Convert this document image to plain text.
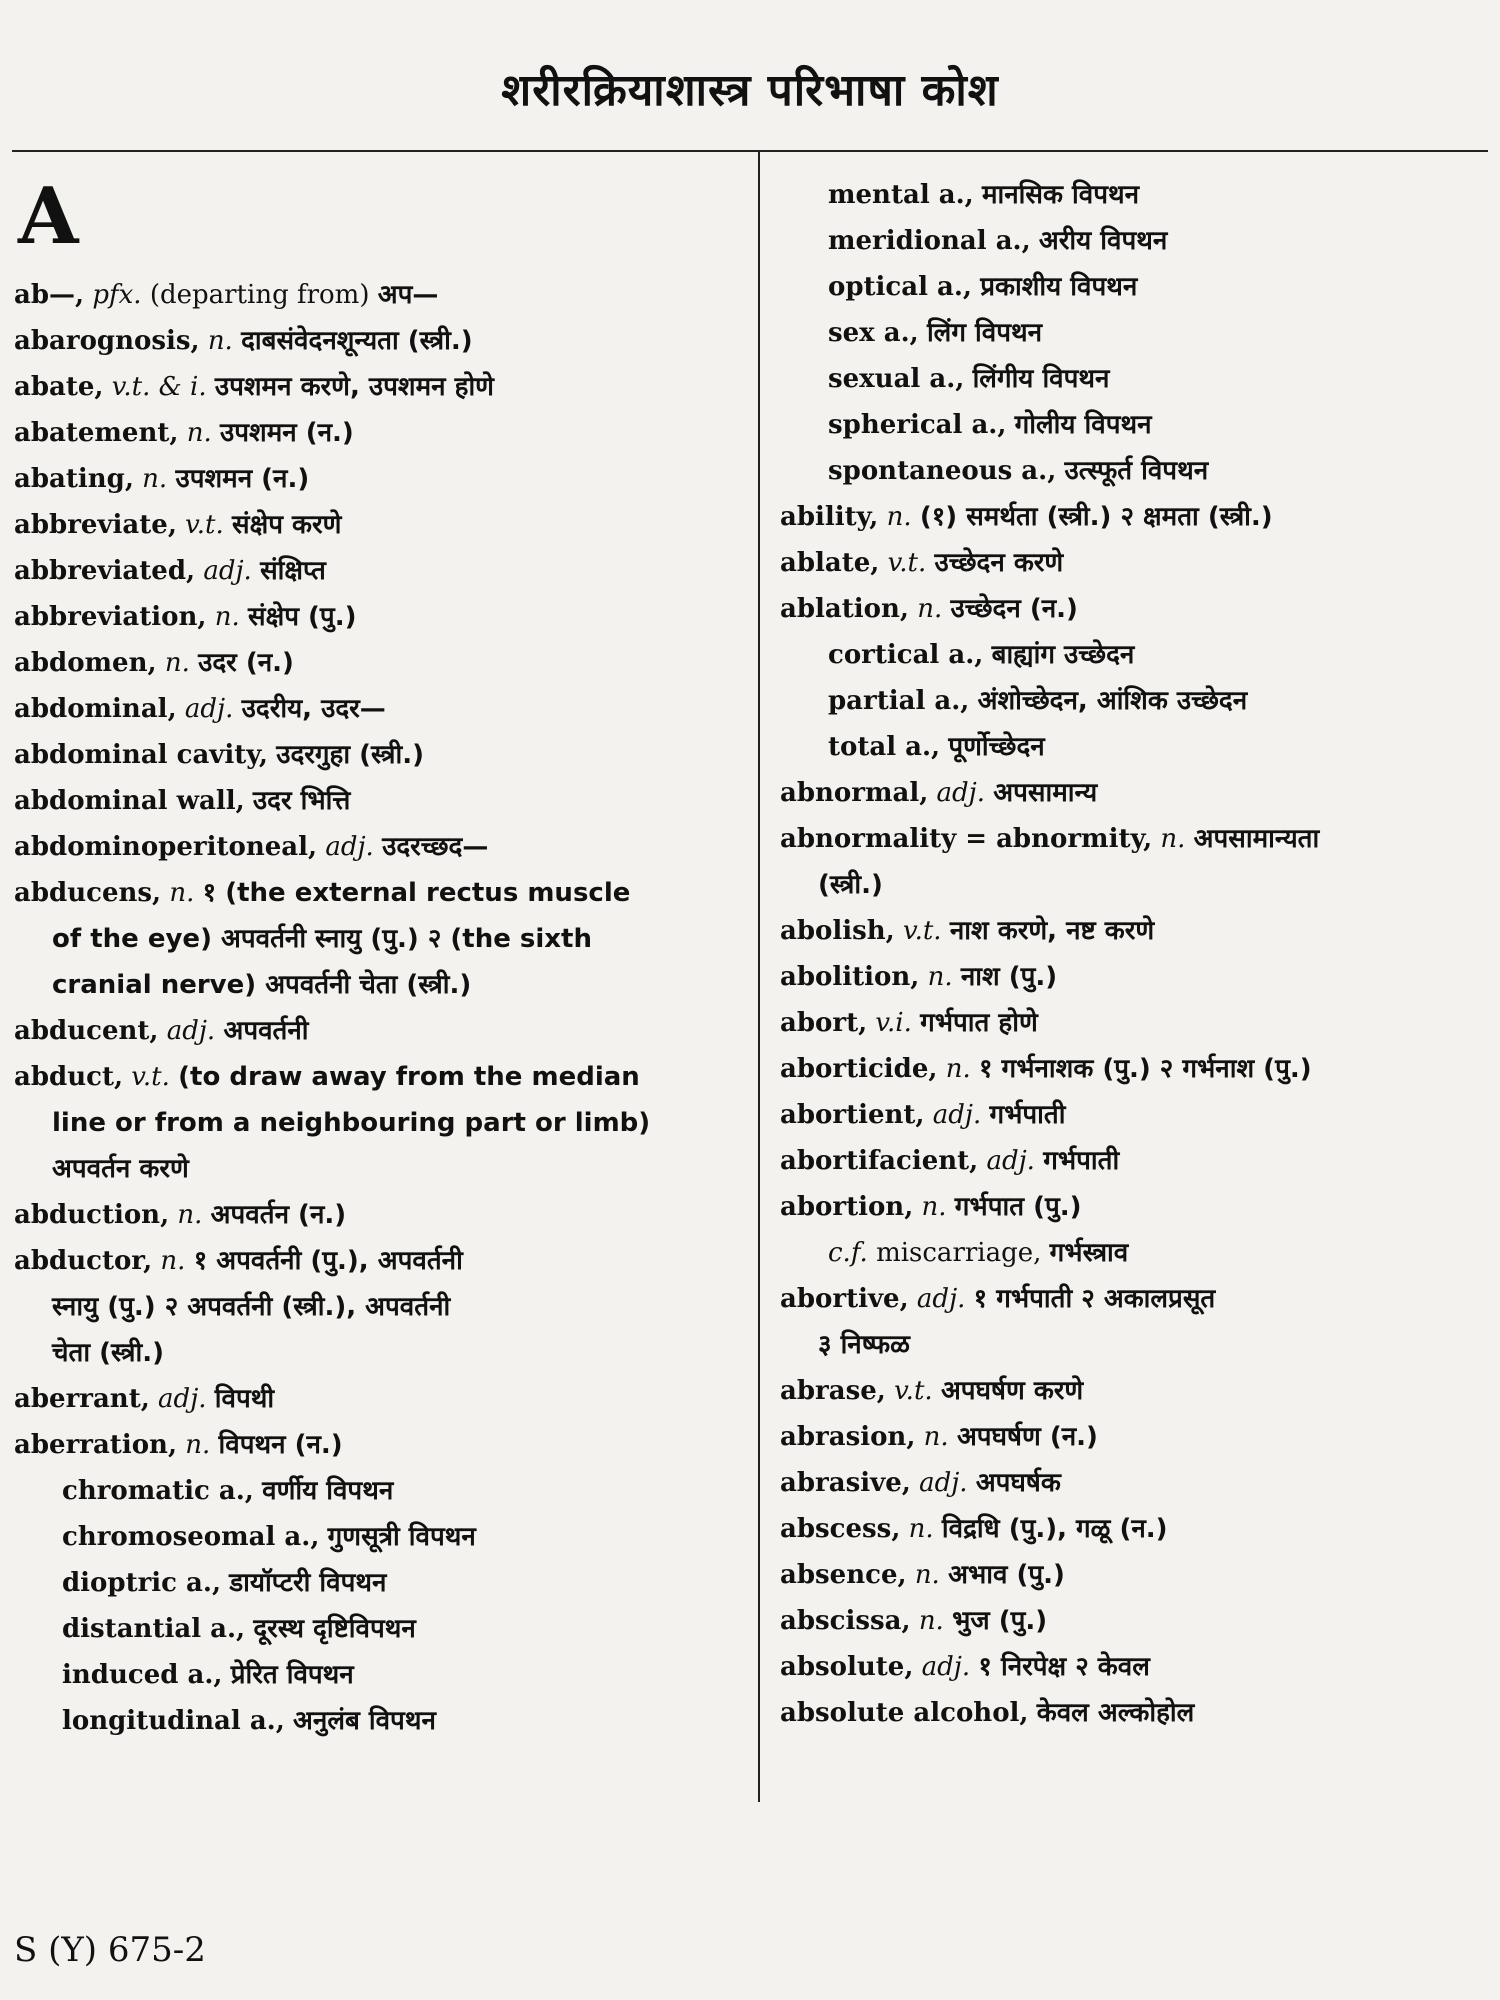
शरीरक्रियाशास्त्र परिभाषा कोश
A
ab—, pfx. (departing from) अप—
abarognosis, n. दाबसंवेदनशून्यता (स्त्री.)
abate, v.t. & i. उपशमन करणे, उपशमन होणे
abatement, n. उपशमन (न.)
abating, n. उपशमन (न.)
abbreviate, v.t. संक्षेप करणे
abbreviated, adj. संक्षिप्त
abbreviation, n. संक्षेप (पु.)
abdomen, n. उदर (न.)
abdominal, adj. उदरीय, उदर—
abdominal cavity, उदरगुहा (स्त्री.)
abdominal wall, उदर भित्ति
abdominoperitoneal, adj. उदरच्छद—
abducens, n. १ (the external rectus muscle
of the eye) अपवर्तनी स्नायु (पु.) २ (the sixth
cranial nerve) अपवर्तनी चेता (स्त्री.)
abducent, adj. अपवर्तनी
abduct, v.t. (to draw away from the median
line or from a neighbouring part or limb)
अपवर्तन करणे
abduction, n. अपवर्तन (न.)
abductor, n. १ अपवर्तनी (पु.), अपवर्तनी
स्नायु (पु.) २ अपवर्तनी (स्त्री.), अपवर्तनी
चेता (स्त्री.)
aberrant, adj. विपथी
aberration, n. विपथन (न.)
chromatic a., वर्णीय विपथन
chromoseomal a., गुणसूत्री विपथन
dioptric a., डायॉप्टरी विपथन
distantial a., दूरस्थ दृष्टिविपथन
induced a., प्रेरित विपथन
longitudinal a., अनुलंब विपथन
mental a., मानसिक विपथन
meridional a., अरीय विपथन
optical a., प्रकाशीय विपथन
sex a., लिंग विपथन
sexual a., लिंगीय विपथन
spherical a., गोलीय विपथन
spontaneous a., उत्स्फूर्त विपथन
ability, n. (१) समर्थता (स्त्री.) २ क्षमता (स्त्री.)
ablate, v.t. उच्छेदन करणे
ablation, n. उच्छेदन (न.)
cortical a., बाह्यांग उच्छेदन
partial a., अंशोच्छेदन, आंशिक उच्छेदन
total a., पूर्णोच्छेदन
abnormal, adj. अपसामान्य
abnormality = abnormity, n. अपसामान्यता
(स्त्री.)
abolish, v.t. नाश करणे, नष्ट करणे
abolition, n. नाश (पु.)
abort, v.i. गर्भपात होणे
aborticide, n. १ गर्भनाशक (पु.) २ गर्भनाश (पु.)
abortient, adj. गर्भपाती
abortifacient, adj. गर्भपाती
abortion, n. गर्भपात (पु.)
c.f. miscarriage, गर्भस्त्राव
abortive, adj. १ गर्भपाती २ अकालप्रसूत
३ निष्फळ
abrase, v.t. अपघर्षण करणे
abrasion, n. अपघर्षण (न.)
abrasive, adj. अपघर्षक
abscess, n. विद्रधि (पु.), गळू (न.)
absence, n. अभाव (पु.)
abscissa, n. भुज (पु.)
absolute, adj. १ निरपेक्ष २ केवल
absolute alcohol, केवल अल्कोहोल
S (Y) 675-2
